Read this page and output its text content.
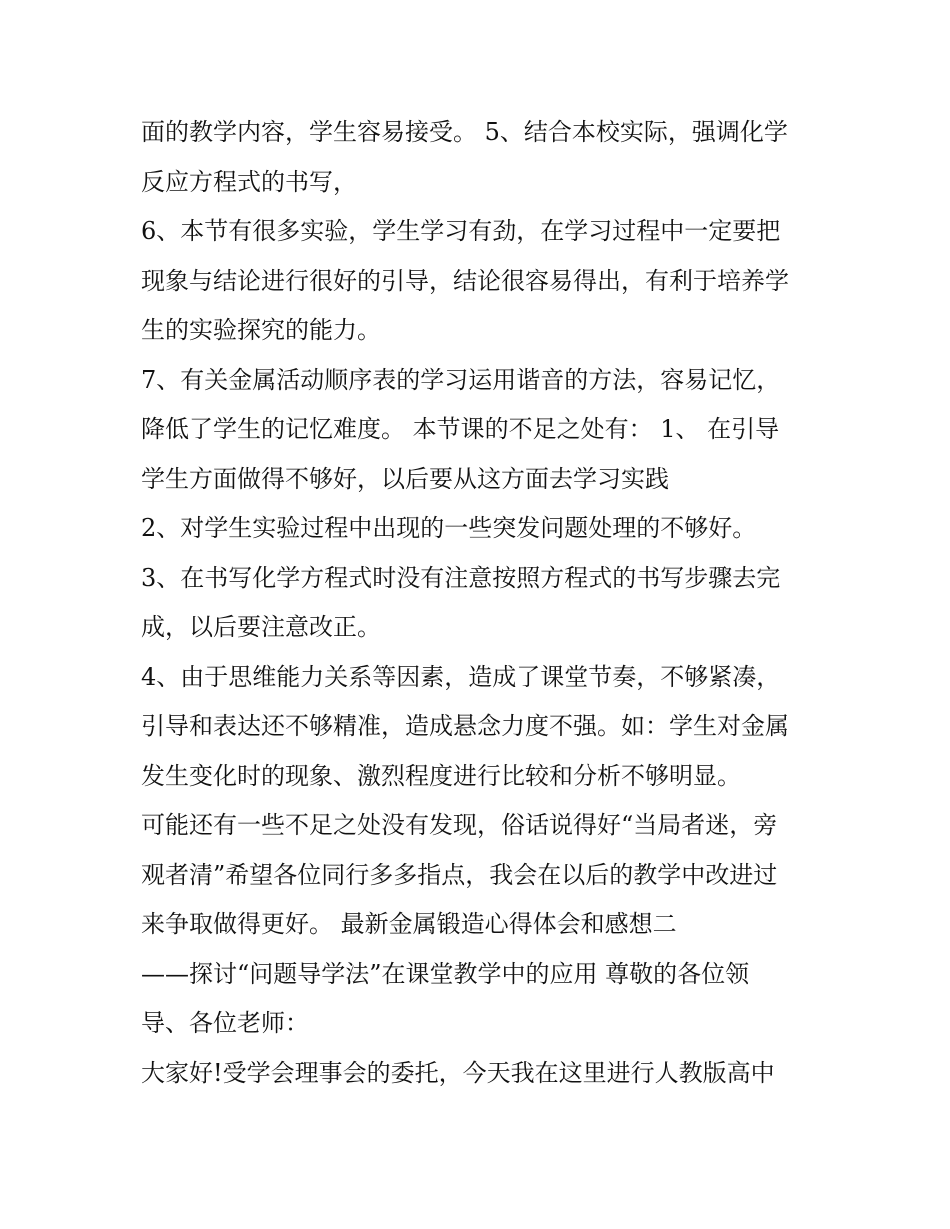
面的教学内容，学生容易接受。 5、结合本校实际，强调化学
反应方程式的书写，
6、本节有很多实验，学生学习有劲，在学习过程中一定要把
现象与结论进行很好的引导，结论很容易得出，有利于培养学
生的实验探究的能力。
7、有关金属活动顺序表的学习运用谐音的方法，容易记忆，
降低了学生的记忆难度。 本节课的不足之处有： 1、 在引导
学生方面做得不够好，以后要从这方面去学习实践
2、对学生实验过程中出现的一些突发问题处理的不够好。
3、在书写化学方程式时没有注意按照方程式的书写步骤去完
成，以后要注意改正。
4、由于思维能力关系等因素，造成了课堂节奏，不够紧凑，
引导和表达还不够精准，造成悬念力度不强。如：学生对金属
发生变化时的现象、激烈程度进行比较和分析不够明显。
可能还有一些不足之处没有发现，俗话说得好“当局者迷，旁
观者清”希望各位同行多多指点，我会在以后的教学中改进过
来争取做得更好。 最新金属锻造心得体会和感想二
——探讨“问题导学法”在课堂教学中的应用 尊敬的各位领
导、各位老师：
大家好!受学会理事会的委托，今天我在这里进行人教版高中
